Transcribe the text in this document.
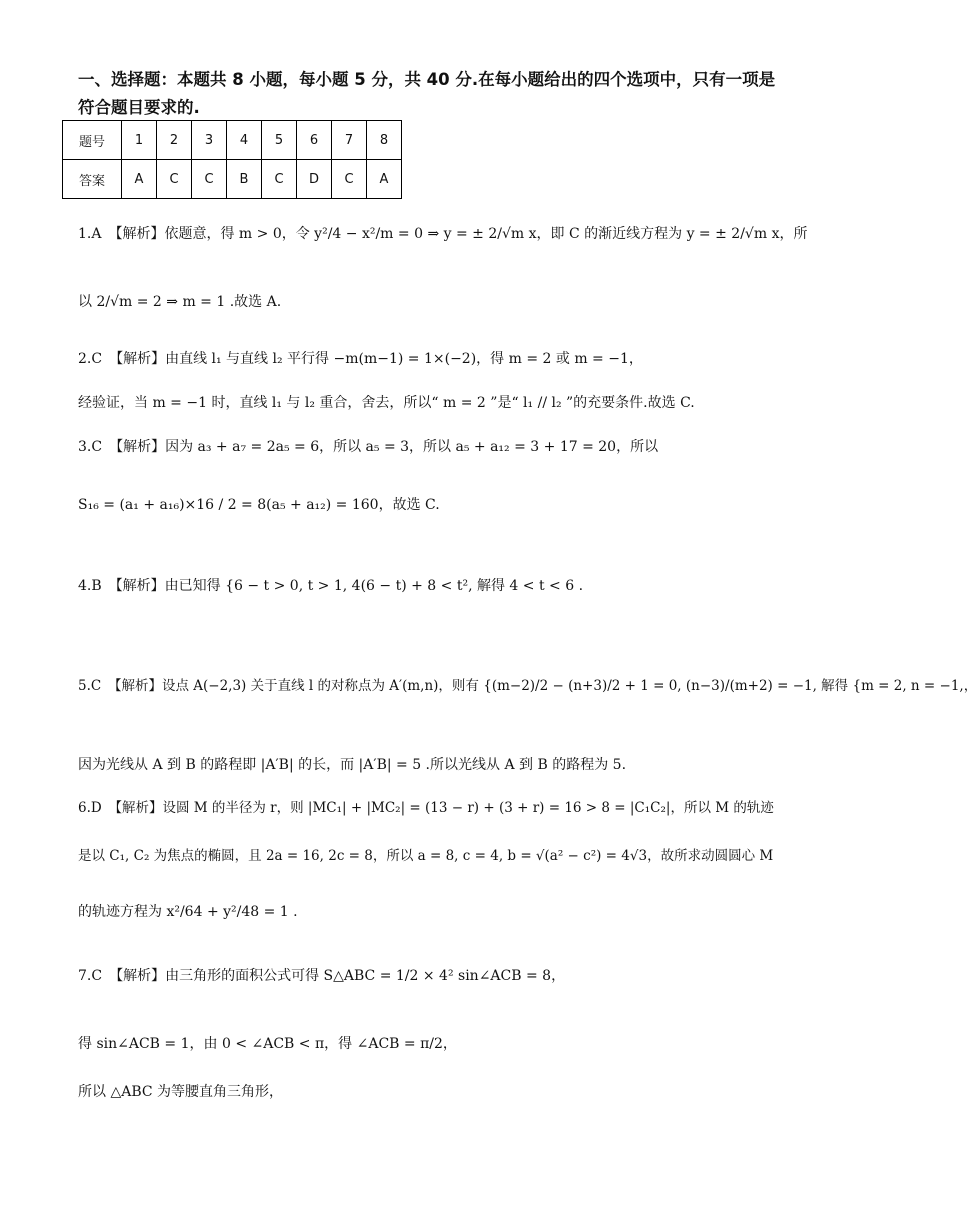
一、选择题：本题共 8 小题，每小题 5 分，共 40 分.在每小题给出的四个选项中，只有一项是符合题目要求的.
题号	1	2	3	4	5	6	7	8
答案	A	C	C	B	C	D	C	A
1.A　【解析】依题意，得 m > 0，令 y²/4 − x²/m = 0 ⇒ y = ± 2/√m x，即 C 的渐近线方程为 y = ± 2/√m x，所
以 2/√m = 2 ⇒ m = 1 .故选 A.
2.C　【解析】由直线 l₁ 与直线 l₂ 平行得 −m(m−1) = 1×(−2)，得 m = 2 或 m = −1，
经验证，当 m = −1 时，直线 l₁ 与 l₂ 重合，舍去，所以“ m = 2 ”是“ l₁ // l₂ ”的充要条件.故选 C.
3.C　【解析】因为 a₃ + a₇ = 2a₅ = 6，所以 a₅ = 3，所以 a₅ + a₁₂ = 3 + 17 = 20，所以
S₁₆ = (a₁ + a₁₆)×16 / 2 = 8(a₅ + a₁₂) = 160，故选 C.
4.B　【解析】由已知得 {6 − t > 0, t > 1, 4(6 − t) + 8 < t², 解得 4 < t < 6 .
5.C　【解析】设点 A(−2,3) 关于直线 l 的对称点为 A′(m,n)，则有 {(m−2)/2 − (n+3)/2 + 1 = 0, (n−3)/(m+2) = −1, 解得 {m = 2, n = −1,，
因为光线从 A 到 B 的路程即 |A′B| 的长，而 |A′B| = 5 .所以光线从 A 到 B 的路程为 5.
6.D　【解析】设圆 M 的半径为 r，则 |MC₁| + |MC₂| = (13 − r) + (3 + r) = 16 > 8 = |C₁C₂|，所以 M 的轨迹
是以 C₁, C₂ 为焦点的椭圆，且 2a = 16, 2c = 8，所以 a = 8, c = 4, b = √(a² − c²) = 4√3，故所求动圆圆心 M
的轨迹方程为 x²/64 + y²/48 = 1 .
7.C　【解析】由三角形的面积公式可得 S△ABC = 1/2 × 4² sin∠ACB = 8，
得 sin∠ACB = 1，由 0 < ∠ACB < π，得 ∠ACB = π/2，
所以 △ABC 为等腰直角三角形，
